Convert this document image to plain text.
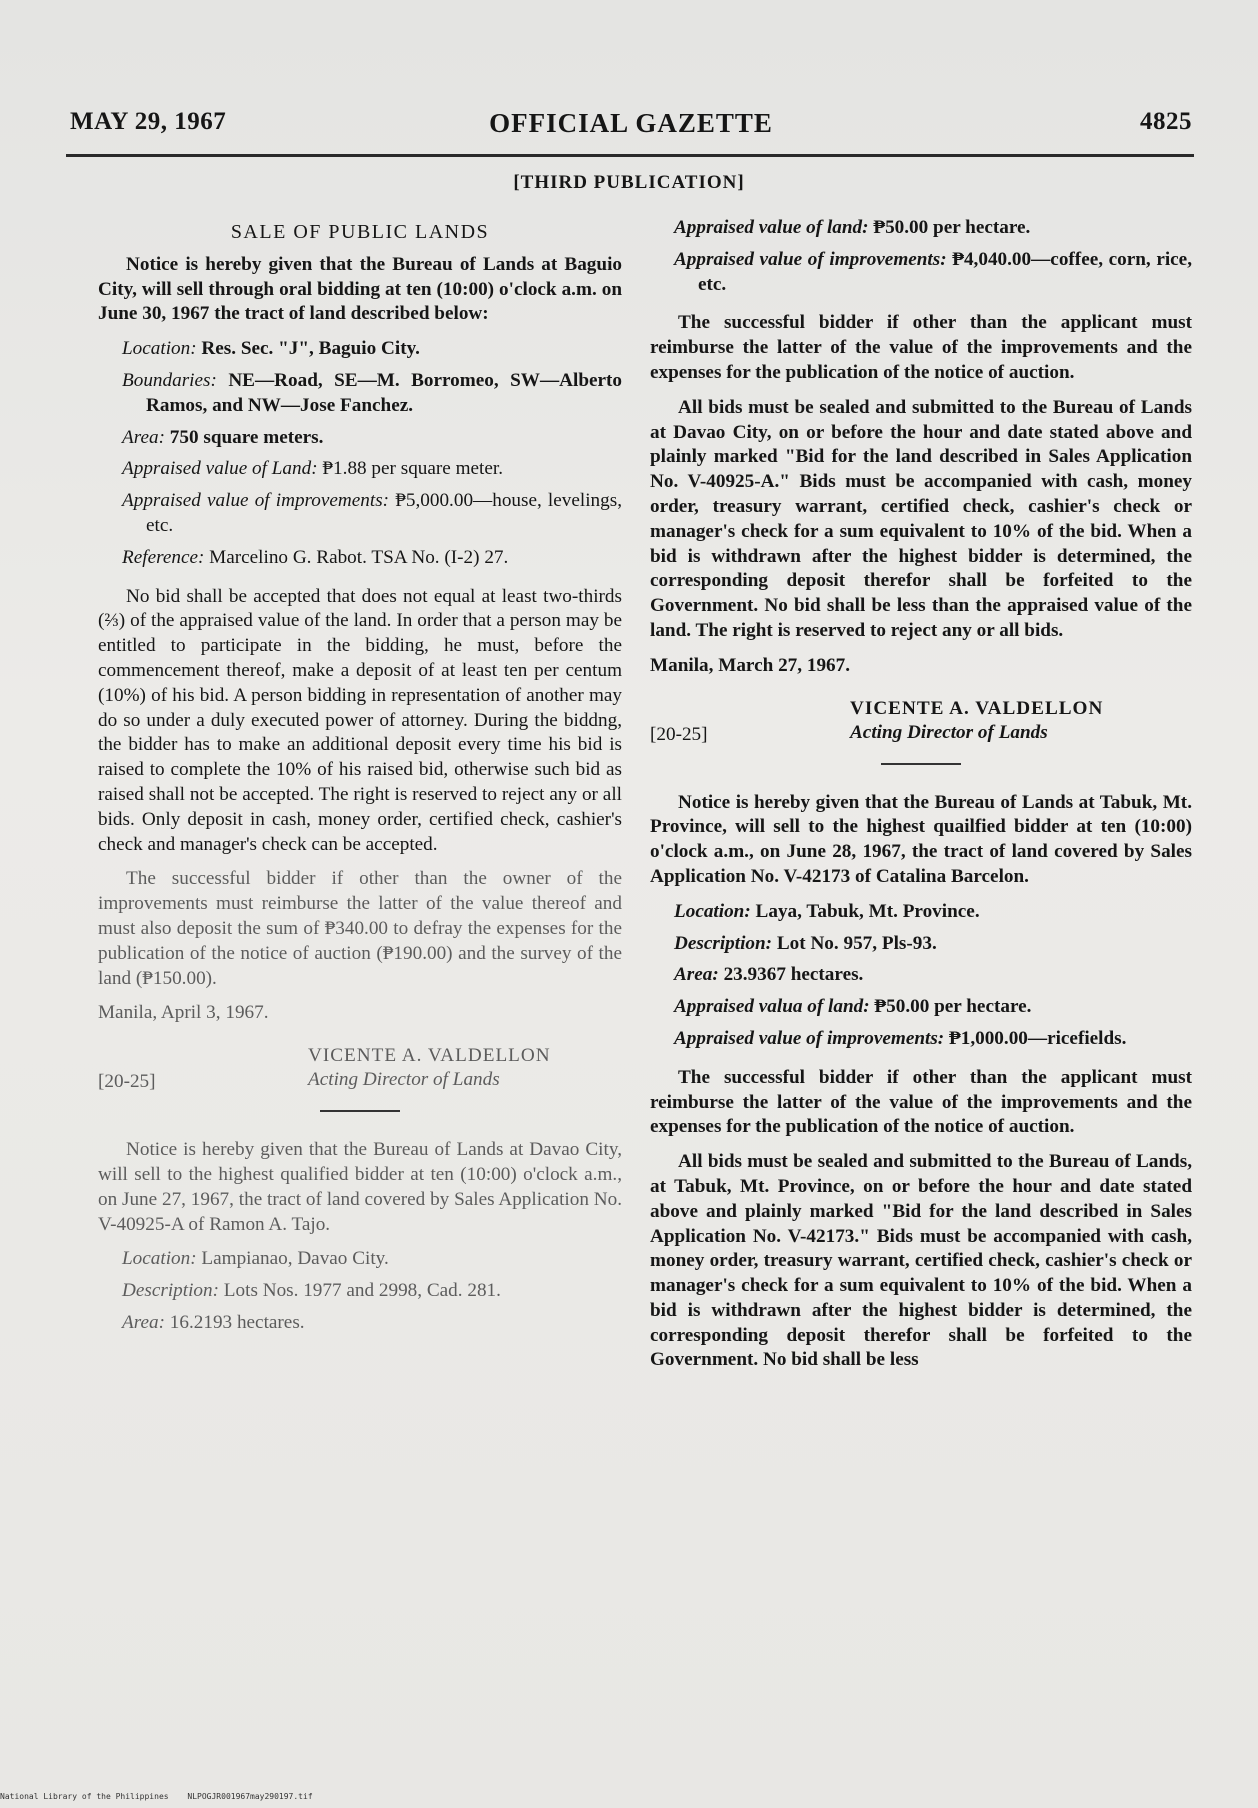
MAY 29, 1967	OFFICIAL GAZETTE	4825
[THIRD PUBLICATION]
SALE OF PUBLIC LANDS

Notice is hereby given that the Bureau of Lands at Baguio City, will sell through oral bidding at ten (10:00) o'clock a.m. on June 30, 1967 the tract of land described below:

Location: Res. Sec. "J", Baguio City.
Boundaries: NE—Road, SE—M. Borromeo, SW—Alberto Ramos, and NW—Jose Fanchez.
Area: 750 square meters.
Appraised value of Land: ₱1.88 per square meter.
Appraised value of improvements: ₱5,000.00—house, levelings, etc.
Reference: Marcelino G. Rabot. TSA No. (I-2) 27.

No bid shall be accepted that does not equal at least two-thirds (⅔) of the appraised value of the land. In order that a person may be entitled to participate in the bidding, he must, before the commencement thereof, make a deposit of at least ten per centum (10%) of his bid. A person bidding in representation of another may do so under a duly executed power of attorney. During the biddng, the bidder has to make an additional deposit every time his bid is raised to complete the 10% of his raised bid, otherwise such bid as raised shall not be accepted. The right is reserved to reject any or all bids. Only deposit in cash, money order, certified check, cashier's check and manager's check can be accepted.

The successful bidder if other than the owner of the improvements must reimburse the latter of the value thereof and must also deposit the sum of ₱340.00 to defray the expenses for the publication of the notice of auction (₱190.00) and the survey of the land (₱150.00).

Manila, April 3, 1967.

[20-25]
VICENTE A. VALDELLON
Acting Director of Lands

Notice is hereby given that the Bureau of Lands at Davao City, will sell to the highest qualified bidder at ten (10:00) o'clock a.m., on June 27, 1967, the tract of land covered by Sales Application No. V-40925-A of Ramon A. Tajo.

Location: Lampianao, Davao City.
Description: Lots Nos. 1977 and 2998, Cad. 281.
Area: 16.2193 hectares.
Appraised value of land: ₱50.00 per hectare.
Appraised value of improvements: ₱4,040.00—coffee, corn, rice, etc.

The successful bidder if other than the applicant must reimburse the latter of the value of the improvements and the expenses for the publication of the notice of auction.

All bids must be sealed and submitted to the Bureau of Lands at Davao City, on or before the hour and date stated above and plainly marked "Bid for the land described in Sales Application No. V-40925-A." Bids must be accompanied with cash, money order, treasury warrant, certified check, cashier's check or manager's check for a sum equivalent to 10% of the bid. When a bid is withdrawn after the highest bidder is determined, the corresponding deposit therefor shall be forfeited to the Government. No bid shall be less than the appraised value of the land. The right is reserved to reject any or all bids.

Manila, March 27, 1967.

[20-25]
VICENTE A. VALDELLON
Acting Director of Lands

Notice is hereby given that the Bureau of Lands at Tabuk, Mt. Province, will sell to the highest quailfied bidder at ten (10:00) o'clock a.m., on June 28, 1967, the tract of land covered by Sales Application No. V-42173 of Catalina Barcelon.

Location: Laya, Tabuk, Mt. Province.
Description: Lot No. 957, Pls-93.
Area: 23.9367 hectares.
Appraised valua of land: ₱50.00 per hectare.
Appraised value of improvements: ₱1,000.00—ricefields.

The successful bidder if other than the applicant must reimburse the latter of the value of the improvements and the expenses for the publication of the notice of auction.

All bids must be sealed and submitted to the Bureau of Lands, at Tabuk, Mt. Province, on or before the hour and date stated above and plainly marked "Bid for the land described in Sales Application No. V-42173." Bids must be accompanied with cash, money order, treasury warrant, certified check, cashier's check or manager's check for a sum equivalent to 10% of the bid. When a bid is withdrawn after the highest bidder is determined, the corresponding deposit therefor shall be forfeited to the Government. No bid shall be less

National Library of the Philippines NLPOGJR001967may290197.tif
